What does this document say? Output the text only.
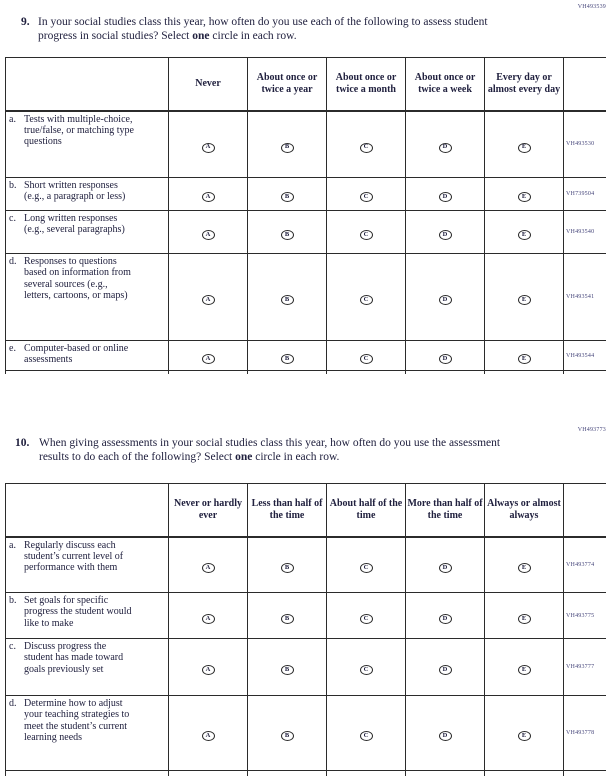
VH493539
9. In your social studies class this year, how often do you use each of the following to assess student progress in social studies? Select one circle in each row.
	Never	About once or twice a year	About once or twice a month	About once or twice a week	Every day or almost every day	
a. Tests with multiple-choice, true/false, or matching type questions	A	B	C	D	E	VH493530
b. Short written responses (e.g., a paragraph or less)	A	B	C	D	E	VH739504
c. Long written responses (e.g., several paragraphs)	A	B	C	D	E	VH493540
d. Responses to questions based on information from several sources (e.g., letters, cartoons, or maps)	A	B	C	D	E	VH493541
e. Computer-based or online assessments	A	B	C	D	E	VH493544

VH493773
10. When giving assessments in your social studies class this year, how often do you use the assessment results to do each of the following? Select one circle in each row.
	Never or hardly ever	Less than half of the time	About half of the time	More than half of the time	Always or almost always	
a. Regularly discuss each student’s current level of performance with them	A	B	C	D	E	VH493774
b. Set goals for specific progress the student would like to make	A	B	C	D	E	VH493775
c. Discuss progress the student has made toward goals previously set	A	B	C	D	E	VH493777
d. Determine how to adjust your teaching strategies to meet the student’s current learning needs	A	B	C	D	E	VH493778
